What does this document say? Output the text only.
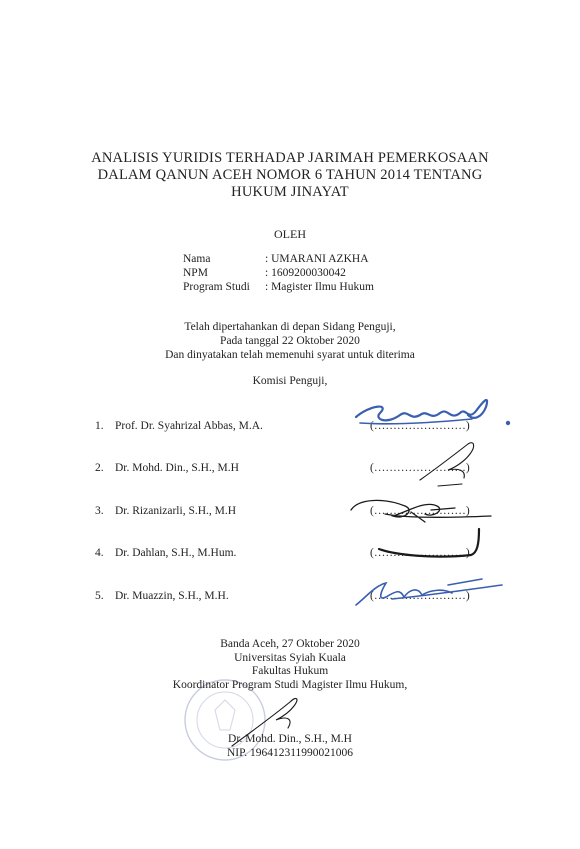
ANALISIS YURIDIS TERHADAP JARIMAH PEMERKOSAAN
DALAM QANUN ACEH NOMOR 6 TAHUN 2014 TENTANG
HUKUM JINAYAT
OLEH
Nama	: UMARANI AZKHA
NPM	: 1609200030042
Program Studi	: Magister Ilmu Hukum
Telah dipertahankan di depan Sidang Penguji,
Pada tanggal 22 Oktober 2020
Dan dinyatakan telah memenuhi syarat untuk diterima
Komisi Penguji,
1. Prof. Dr. Syahrizal Abbas, M.A.	(……………………)
2. Dr. Mohd. Din., S.H., M.H	(……………………)
3. Dr. Rizanizarli, S.H., M.H	(……………………)
4. Dr. Dahlan, S.H., M.Hum.	(……………………)
5. Dr. Muazzin, S.H., M.H.	(……………………)
Banda Aceh, 27 Oktober 2020
Universitas Syiah Kuala
Fakultas Hukum
Koordinator Program Studi Magister Ilmu Hukum,
Dr. Mohd. Din., S.H., M.H
NIP. 196412311990021006
